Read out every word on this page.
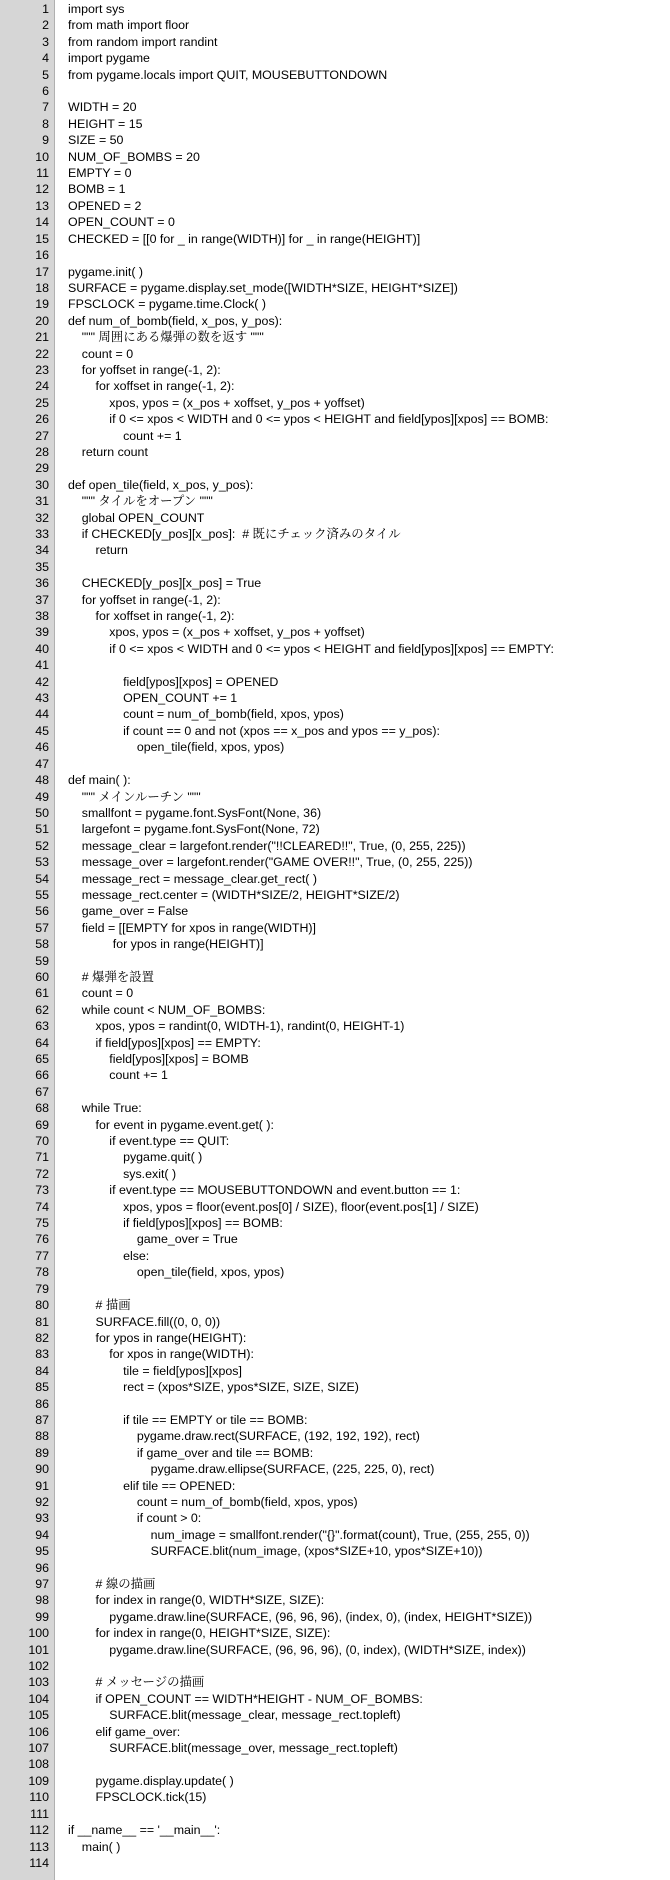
1 import sys
2 from math import floor
3 from random import randint
4 import pygame
5 from pygame.locals import QUIT, MOUSEBUTTONDOWN
6
7 WIDTH = 20
8 HEIGHT = 15
9 SIZE = 50
10 NUM_OF_BOMBS = 20
11 EMPTY = 0
12 BOMB = 1
13 OPENED = 2
14 OPEN_COUNT = 0
15 CHECKED = [[0 for _ in range(WIDTH)] for _ in range(HEIGHT)]
16
17 pygame.init( )
18 SURFACE = pygame.display.set_mode([WIDTH*SIZE, HEIGHT*SIZE])
19 FPSCLOCK = pygame.time.Clock( )
20 def num_of_bomb(field, x_pos, y_pos):
21 """ 周囲にある爆弾の数を返す """
22 count = 0
23 for yoffset in range(-1, 2):
24 for xoffset in range(-1, 2):
25 xpos, ypos = (x_pos + xoffset, y_pos + yoffset)
26 if 0 <= xpos < WIDTH and 0 <= ypos < HEIGHT and field[ypos][xpos] == BOMB:
27 count += 1
28 return count
29
30 def open_tile(field, x_pos, y_pos):
31 """ タイルをオープン """
32 global OPEN_COUNT
33 if CHECKED[y_pos][x_pos]:  # 既にチェック済みのタイル
34 return
35
36 CHECKED[y_pos][x_pos] = True
37 for yoffset in range(-1, 2):
38 for xoffset in range(-1, 2):
39 xpos, ypos = (x_pos + xoffset, y_pos + yoffset)
40 if 0 <= xpos < WIDTH and 0 <= ypos < HEIGHT and field[ypos][xpos] == EMPTY:
41
42 field[ypos][xpos] = OPENED
43 OPEN_COUNT += 1
44 count = num_of_bomb(field, xpos, ypos)
45 if count == 0 and not (xpos == x_pos and ypos == y_pos):
46 open_tile(field, xpos, ypos)
47
48 def main( ):
49 """ メインルーチン """
50 smallfont = pygame.font.SysFont(None, 36)
51 largefont = pygame.font.SysFont(None, 72)
52 message_clear = largefont.render("!!CLEARED!!", True, (0, 255, 225))
53 message_over = largefont.render("GAME OVER!!", True, (0, 255, 225))
54 message_rect = message_clear.get_rect( )
55 message_rect.center = (WIDTH*SIZE/2, HEIGHT*SIZE/2)
56 game_over = False
57 field = [[EMPTY for xpos in range(WIDTH)]
58 for ypos in range(HEIGHT)]
59
60 # 爆弾を設置
61 count = 0
62 while count < NUM_OF_BOMBS:
63 xpos, ypos = randint(0, WIDTH-1), randint(0, HEIGHT-1)
64 if field[ypos][xpos] == EMPTY:
65 field[ypos][xpos] = BOMB
66 count += 1
67
68 while True:
69 for event in pygame.event.get( ):
70 if event.type == QUIT:
71 pygame.quit( )
72 sys.exit( )
73 if event.type == MOUSEBUTTONDOWN and event.button == 1:
74 xpos, ypos = floor(event.pos[0] / SIZE), floor(event.pos[1] / SIZE)
75 if field[ypos][xpos] == BOMB:
76 game_over = True
77 else:
78 open_tile(field, xpos, ypos)
79
80 # 描画
81 SURFACE.fill((0, 0, 0))
82 for ypos in range(HEIGHT):
83 for xpos in range(WIDTH):
84 tile = field[ypos][xpos]
85 rect = (xpos*SIZE, ypos*SIZE, SIZE, SIZE)
86
87 if tile == EMPTY or tile == BOMB:
88 pygame.draw.rect(SURFACE, (192, 192, 192), rect)
89 if game_over and tile == BOMB:
90 pygame.draw.ellipse(SURFACE, (225, 225, 0), rect)
91 elif tile == OPENED:
92 count = num_of_bomb(field, xpos, ypos)
93 if count > 0:
94 num_image = smallfont.render("{}".format(count), True, (255, 255, 0))
95 SURFACE.blit(num_image, (xpos*SIZE+10, ypos*SIZE+10))
96
97 # 線の描画
98 for index in range(0, WIDTH*SIZE, SIZE):
99 pygame.draw.line(SURFACE, (96, 96, 96), (index, 0), (index, HEIGHT*SIZE))
100 for index in range(0, HEIGHT*SIZE, SIZE):
101 pygame.draw.line(SURFACE, (96, 96, 96), (0, index), (WIDTH*SIZE, index))
102
103 # メッセージの描画
104 if OPEN_COUNT == WIDTH*HEIGHT - NUM_OF_BOMBS:
105 SURFACE.blit(message_clear, message_rect.topleft)
106 elif game_over:
107 SURFACE.blit(message_over, message_rect.topleft)
108
109 pygame.display.update( )
110 FPSCLOCK.tick(15)
111
112 if __name__ == '__main__':
113 main( )
114
